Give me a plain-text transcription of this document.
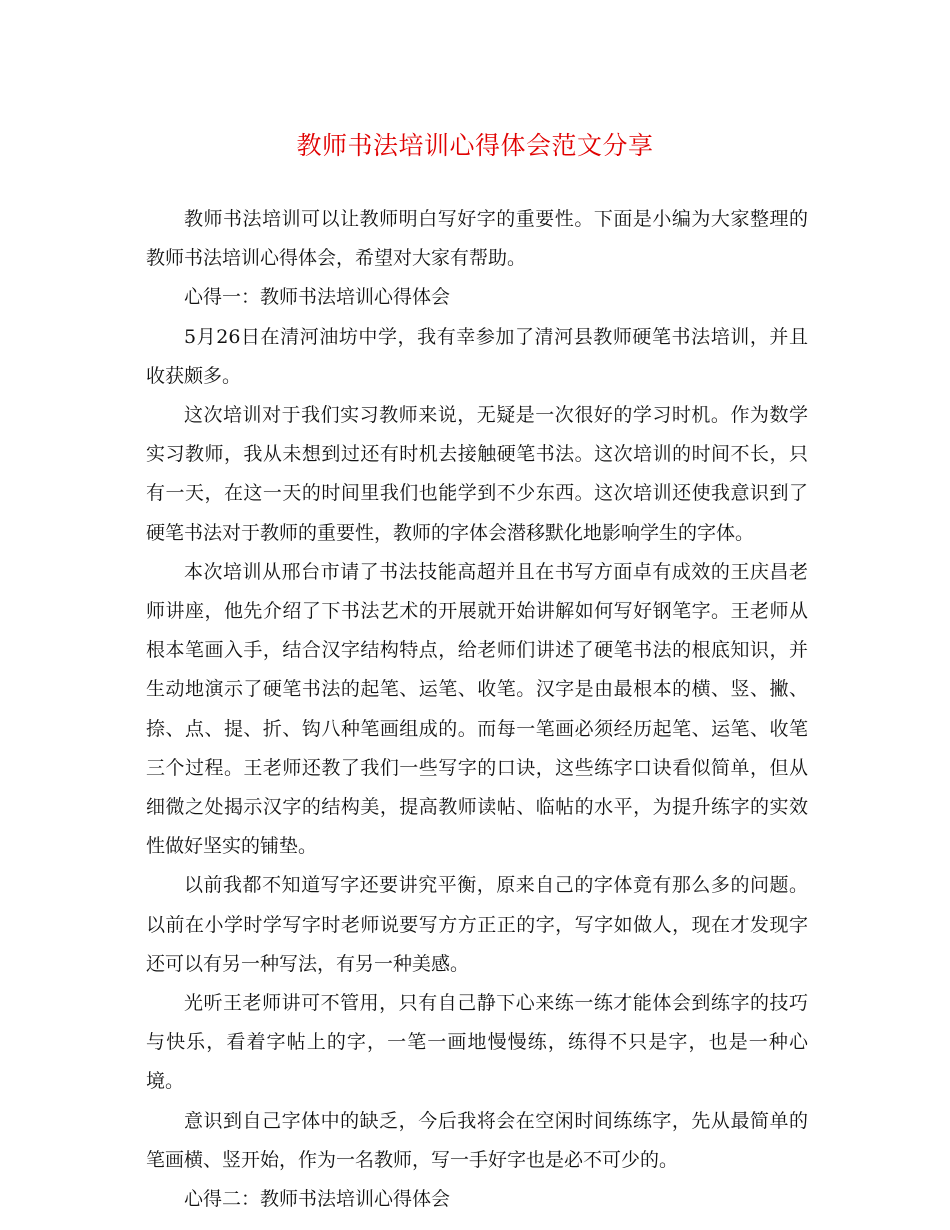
教师书法培训心得体会范文分享

教师书法培训可以让教师明白写好字的重要性。下面是小编为大家整理的教师书法培训心得体会，希望对大家有帮助。

心得一：教师书法培训心得体会

5月26日在清河油坊中学，我有幸参加了清河县教师硬笔书法培训，并且收获颇多。

这次培训对于我们实习教师来说，无疑是一次很好的学习时机。作为数学实习教师，我从未想到过还有时机去接触硬笔书法。这次培训的时间不长，只有一天，在这一天的时间里我们也能学到不少东西。这次培训还使我意识到了硬笔书法对于教师的重要性，教师的字体会潜移默化地影响学生的字体。

本次培训从邢台市请了书法技能高超并且在书写方面卓有成效的王庆昌老师讲座，他先介绍了下书法艺术的开展就开始讲解如何写好钢笔字。王老师从根本笔画入手，结合汉字结构特点，给老师们讲述了硬笔书法的根底知识，并生动地演示了硬笔书法的起笔、运笔、收笔。汉字是由最根本的横、竖、撇、捺、点、提、折、钩八种笔画组成的。而每一笔画必须经历起笔、运笔、收笔三个过程。王老师还教了我们一些写字的口诀，这些练字口诀看似简单，但从细微之处揭示汉字的结构美，提高教师读帖、临帖的水平，为提升练字的实效性做好坚实的铺垫。

以前我都不知道写字还要讲究平衡，原来自己的字体竟有那么多的问题。以前在小学时学写字时老师说要写方方正正的字，写字如做人，现在才发现字还可以有另一种写法，有另一种美感。

光听王老师讲可不管用，只有自己静下心来练一练才能体会到练字的技巧与快乐，看着字帖上的字，一笔一画地慢慢练，练得不只是字，也是一种心境。

意识到自己字体中的缺乏，今后我将会在空闲时间练练字，先从最简单的笔画横、竖开始，作为一名教师，写一手好字也是必不可少的。

心得二：教师书法培训心得体会
